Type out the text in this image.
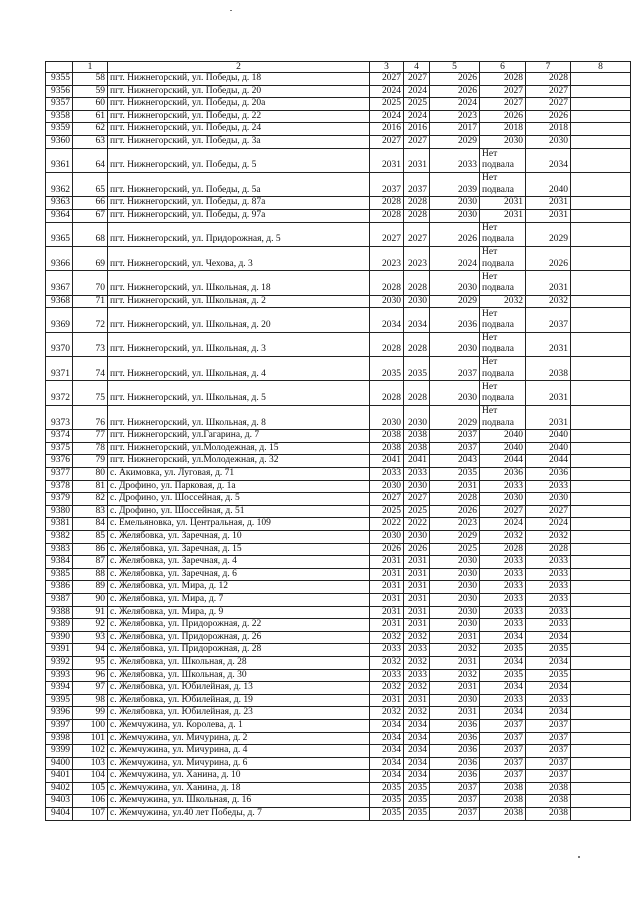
	1	2	3	4	5	6	7	8
9355	58	пгт. Нижнегорский, ул. Победы, д. 18	2027	2027	2026	2028	2028	
9356	59	пгт. Нижнегорский, ул. Победы, д. 20	2024	2024	2026	2027	2027	
9357	60	пгт. Нижнегорский, ул. Победы, д. 20а	2025	2025	2024	2027	2027	
9358	61	пгт. Нижнегорский, ул. Победы, д. 22	2024	2024	2023	2026	2026	
9359	62	пгт. Нижнегорский, ул. Победы, д. 24	2016	2016	2017	2018	2018	
9360	63	пгт. Нижнегорский, ул. Победы, д. 3а	2027	2027	2029	2030	2030	
9361	64	пгт. Нижнегорский, ул. Победы, д. 5	2031	2031	2033	Нет подвала	2034	
9362	65	пгт. Нижнегорский, ул. Победы, д. 5а	2037	2037	2039	Нет подвала	2040	
9363	66	пгт. Нижнегорский, ул. Победы, д. 87а	2028	2028	2030	2031	2031	
9364	67	пгт. Нижнегорский, ул. Победы, д. 97а	2028	2028	2030	2031	2031	
9365	68	пгт. Нижнегорский, ул. Придорожная, д. 5	2027	2027	2026	Нет подвала	2029	
9366	69	пгт. Нижнегорский, ул. Чехова, д. 3	2023	2023	2024	Нет подвала	2026	
9367	70	пгт. Нижнегорский, ул. Школьная, д. 18	2028	2028	2030	Нет подвала	2031	
9368	71	пгт. Нижнегорский, ул. Школьная, д. 2	2030	2030	2029	2032	2032	
9369	72	пгт. Нижнегорский, ул. Школьная, д. 20	2034	2034	2036	Нет подвала	2037	
9370	73	пгт. Нижнегорский, ул. Школьная, д. 3	2028	2028	2030	Нет подвала	2031	
9371	74	пгт. Нижнегорский, ул. Школьная, д. 4	2035	2035	2037	Нет подвала	2038	
9372	75	пгт. Нижнегорский, ул. Школьная, д. 5	2028	2028	2030	Нет подвала	2031	
9373	76	пгт. Нижнегорский, ул. Школьная, д. 8	2030	2030	2029	Нет подвала	2031	
9374	77	пгт. Нижнегорский, ул.Гагарина, д. 7	2038	2038	2037	2040	2040	
9375	78	пгт. Нижнегорский, ул.Молодежная, д. 15	2038	2038	2037	2040	2040	
9376	79	пгт. Нижнегорский, ул.Молодежная, д. 32	2041	2041	2043	2044	2044	
9377	80	с. Акимовка, ул. Луговая, д. 71	2033	2033	2035	2036	2036	
9378	81	с. Дрофино, ул. Парковая, д. 1а	2030	2030	2031	2033	2033	
9379	82	с. Дрофино, ул. Шоссейная, д. 5	2027	2027	2028	2030	2030	
9380	83	с. Дрофино, ул. Шоссейная, д. 51	2025	2025	2026	2027	2027	
9381	84	с. Емельяновка, ул. Центральная, д. 109	2022	2022	2023	2024	2024	
9382	85	с. Желябовка, ул. Заречная, д. 10	2030	2030	2029	2032	2032	
9383	86	с. Желябовка, ул. Заречная, д. 15	2026	2026	2025	2028	2028	
9384	87	с. Желябовка, ул. Заречная, д. 4	2031	2031	2030	2033	2033	
9385	88	с. Желябовка, ул. Заречная, д. 6	2031	2031	2030	2033	2033	
9386	89	с. Желябовка, ул. Мира, д. 12	2031	2031	2030	2033	2033	
9387	90	с. Желябовка, ул. Мира, д. 7	2031	2031	2030	2033	2033	
9388	91	с. Желябовка, ул. Мира, д. 9	2031	2031	2030	2033	2033	
9389	92	с. Желябовка, ул. Придорожная, д. 22	2031	2031	2030	2033	2033	
9390	93	с. Желябовка, ул. Придорожная, д. 26	2032	2032	2031	2034	2034	
9391	94	с. Желябовка, ул. Придорожная, д. 28	2033	2033	2032	2035	2035	
9392	95	с. Желябовка, ул. Школьная, д. 28	2032	2032	2031	2034	2034	
9393	96	с. Желябовка, ул. Школьная, д. 30	2033	2033	2032	2035	2035	
9394	97	с. Желябовка, ул. Юбилейная, д. 13	2032	2032	2031	2034	2034	
9395	98	с. Желябовка, ул. Юбилейная, д. 19	2031	2031	2030	2033	2033	
9396	99	с. Желябовка, ул. Юбилейная, д. 23	2032	2032	2031	2034	2034	
9397	100	с. Жемчужина, ул. Королева, д. 1	2034	2034	2036	2037	2037	
9398	101	с. Жемчужина, ул. Мичурина, д. 2	2034	2034	2036	2037	2037	
9399	102	с. Жемчужина, ул. Мичурина, д. 4	2034	2034	2036	2037	2037	
9400	103	с. Жемчужина, ул. Мичурина, д. 6	2034	2034	2036	2037	2037	
9401	104	с. Жемчужина, ул. Ханина, д. 10	2034	2034	2036	2037	2037	
9402	105	с. Жемчужина, ул. Ханина, д. 18	2035	2035	2037	2038	2038	
9403	106	с. Жемчужина, ул. Школьная, д. 16	2035	2035	2037	2038	2038	
9404	107	с. Жемчужина, ул.40 лет Победы, д. 7	2035	2035	2037	2038	2038	
